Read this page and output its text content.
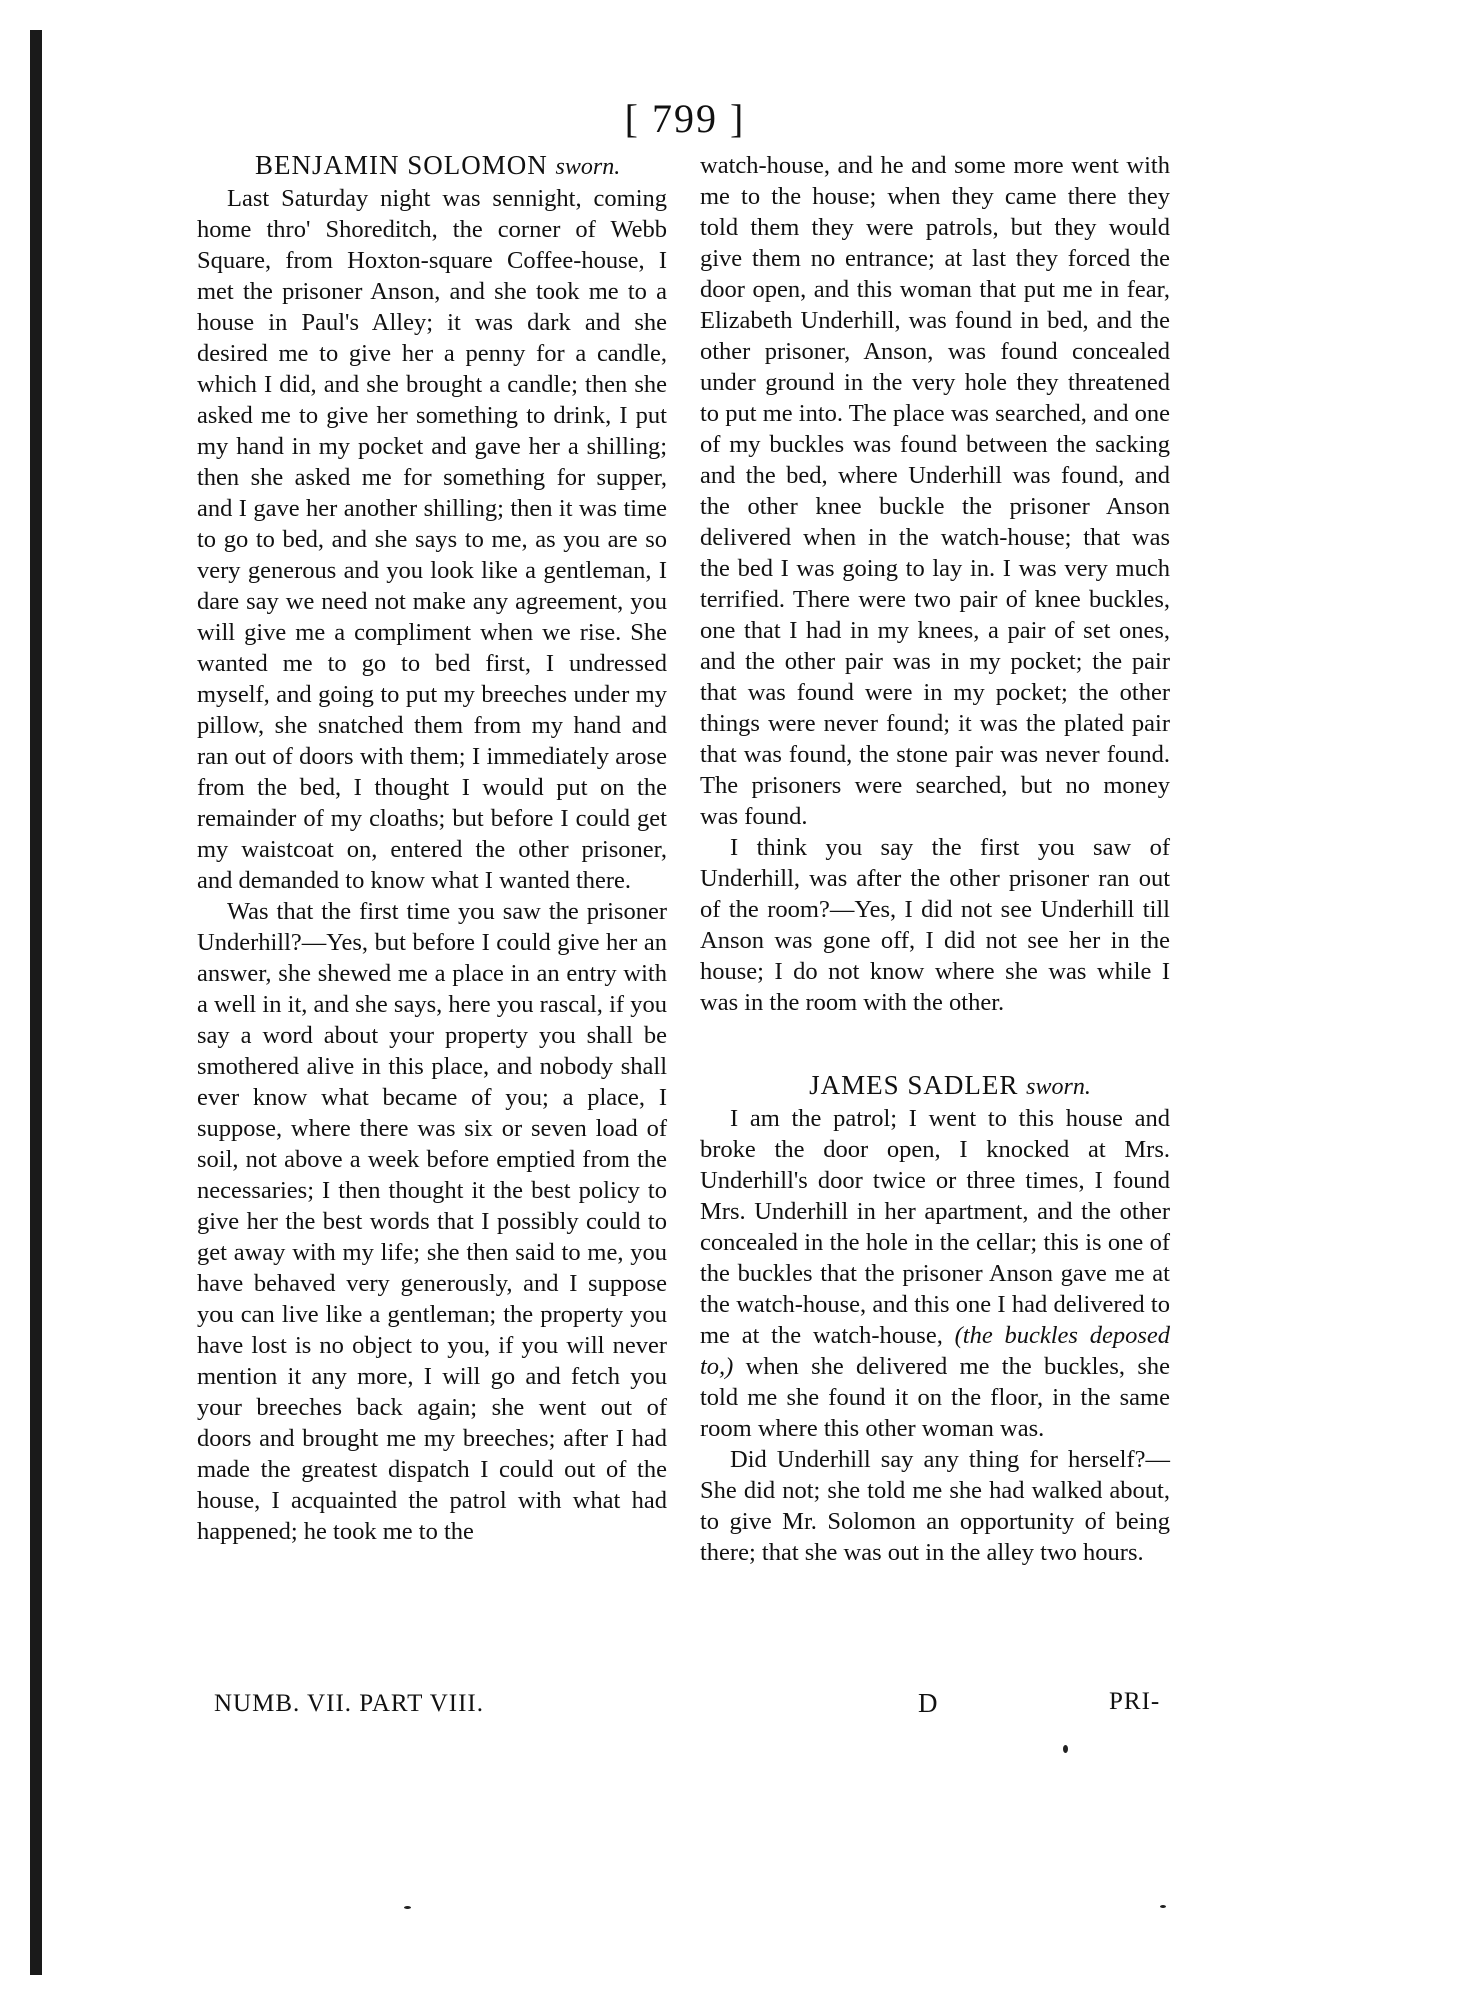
[ 799 ]

BENJAMIN SOLOMON sworn.

Last Saturday night was sennight, coming home thro' Shoreditch, the corner of Webb Square, from Hoxton-square Coffee-house, I met the prisoner Anson, and she took me to a house in Paul's Alley; it was dark and she desired me to give her a penny for a candle, which I did, and she brought a candle; then she asked me to give her something to drink, I put my hand in my pocket and gave her a shilling; then she asked me for something for supper, and I gave her another shilling; then it was time to go to bed, and she says to me, as you are so very generous and you look like a gentleman, I dare say we need not make any agreement, you will give me a compliment when we rise. She wanted me to go to bed first, I undressed myself, and going to put my breeches under my pillow, she snatched them from my hand and ran out of doors with them; I immediately arose from the bed, I thought I would put on the remainder of my cloaths; but before I could get my waistcoat on, entered the other prisoner, and demanded to know what I wanted there.

Was that the first time you saw the prisoner Underhill?—Yes, but before I could give her an answer, she shewed me a place in an entry with a well in it, and she says, here you rascal, if you say a word about your property you shall be smothered alive in this place, and nobody shall ever know what became of you; a place, I suppose, where there was six or seven load of soil, not above a week before emptied from the necessaries; I then thought it the best policy to give her the best words that I possibly could to get away with my life; she then said to me, you have behaved very generously, and I suppose you can live like a gentleman; the property you have lost is no object to you, if you will never mention it any more, I will go and fetch you your breeches back again; she went out of doors and brought me my breeches; after I had made the greatest dispatch I could out of the house, I acquainted the patrol with what had happened; he took me to the

watch-house, and he and some more went with me to the house; when they came there they told them they were patrols, but they would give them no entrance; at last they forced the door open, and this woman that put me in fear, Elizabeth Underhill, was found in bed, and the other prisoner, Anson, was found concealed under ground in the very hole they threatened to put me into. The place was searched, and one of my buckles was found between the sacking and the bed, where Underhill was found, and the other knee buckle the prisoner Anson delivered when in the watch-house; that was the bed I was going to lay in. I was very much terrified. There were two pair of knee buckles, one that I had in my knees, a pair of set ones, and the other pair was in my pocket; the pair that was found were in my pocket; the other things were never found; it was the plated pair that was found, the stone pair was never found. The prisoners were searched, but no money was found.

I think you say the first you saw of Underhill, was after the other prisoner ran out of the room?—Yes, I did not see Underhill till Anson was gone off, I did not see her in the house; I do not know where she was while I was in the room with the other.

JAMES SADLER sworn.

I am the patrol; I went to this house and broke the door open, I knocked at Mrs. Underhill's door twice or three times, I found Mrs. Underhill in her apartment, and the other concealed in the hole in the cellar; this is one of the buckles that the prisoner Anson gave me at the watch-house, and this one I had delivered to me at the watch-house, (the buckles deposed to,) when she delivered me the buckles, she told me she found it on the floor, in the same room where this other woman was.

Did Underhill say any thing for herself?—She did not; she told me she had walked about, to give Mr. Solomon an opportunity of being there; that she was out in the alley two hours.

NUMB. VII. PART VIII.	D	PRI-
